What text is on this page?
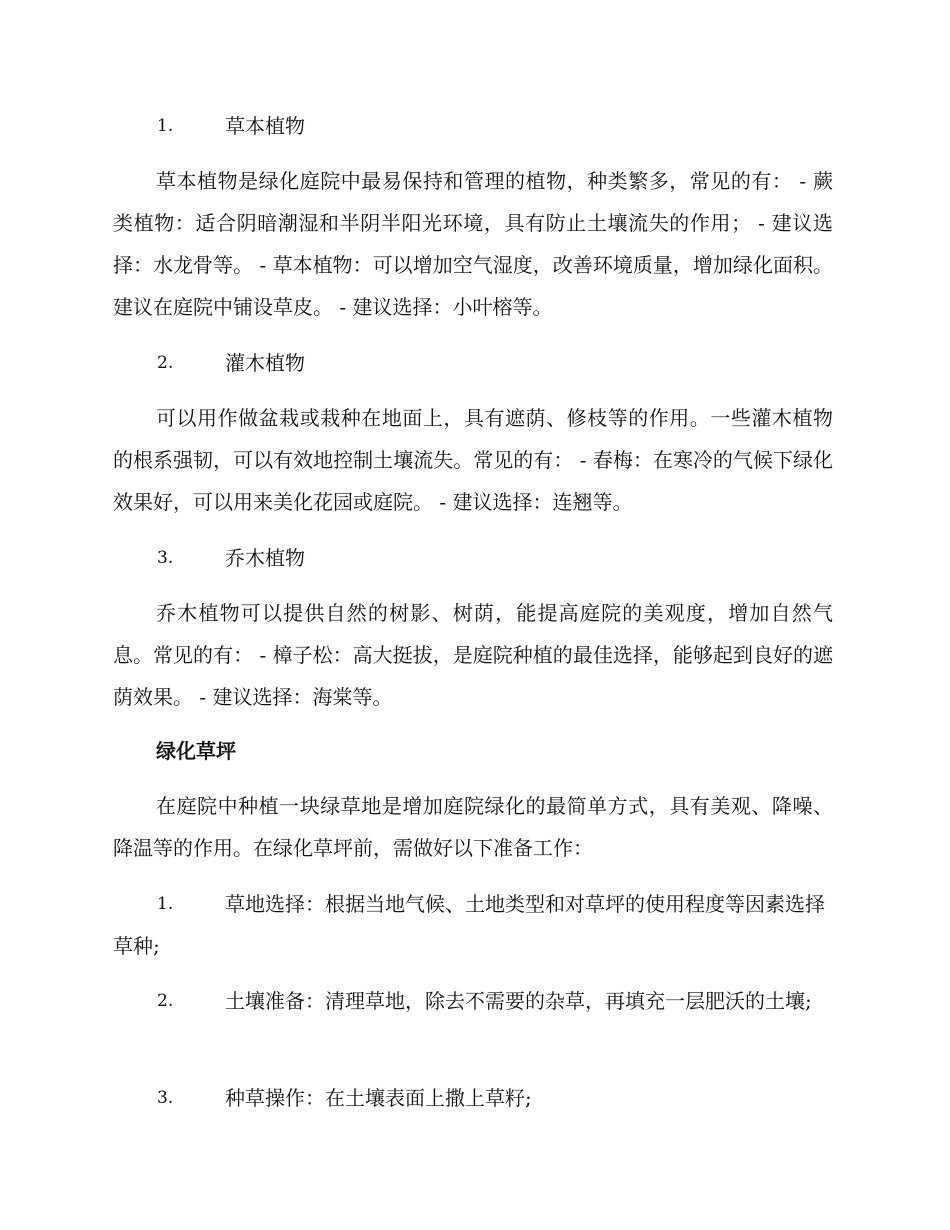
1.	草本植物
草本植物是绿化庭院中最易保持和管理的植物，种类繁多，常见的有： - 蕨类植物：适合阴暗潮湿和半阴半阳光环境，具有防止土壤流失的作用； - 建议选择：水龙骨等。 - 草本植物：可以增加空气湿度，改善环境质量，增加绿化面积。建议在庭院中铺设草皮。 - 建议选择：小叶榕等。
2.	灌木植物
可以用作做盆栽或栽种在地面上，具有遮荫、修枝等的作用。一些灌木植物的根系强韧，可以有效地控制土壤流失。常见的有： - 春梅：在寒冷的气候下绿化效果好，可以用来美化花园或庭院。 - 建议选择：连翘等。
3.	乔木植物
乔木植物可以提供自然的树影、树荫，能提高庭院的美观度，增加自然气息。常见的有： - 樟子松：高大挺拔，是庭院种植的最佳选择，能够起到良好的遮荫效果。 - 建议选择：海棠等。
绿化草坪
在庭院中种植一块绿草地是增加庭院绿化的最简单方式，具有美观、降噪、降温等的作用。在绿化草坪前，需做好以下准备工作：
1.	草地选择：根据当地气候、土地类型和对草坪的使用程度等因素选择草种;
2.	土壤准备：清理草地，除去不需要的杂草，再填充一层肥沃的土壤;
3.	种草操作：在土壤表面上撒上草籽;
